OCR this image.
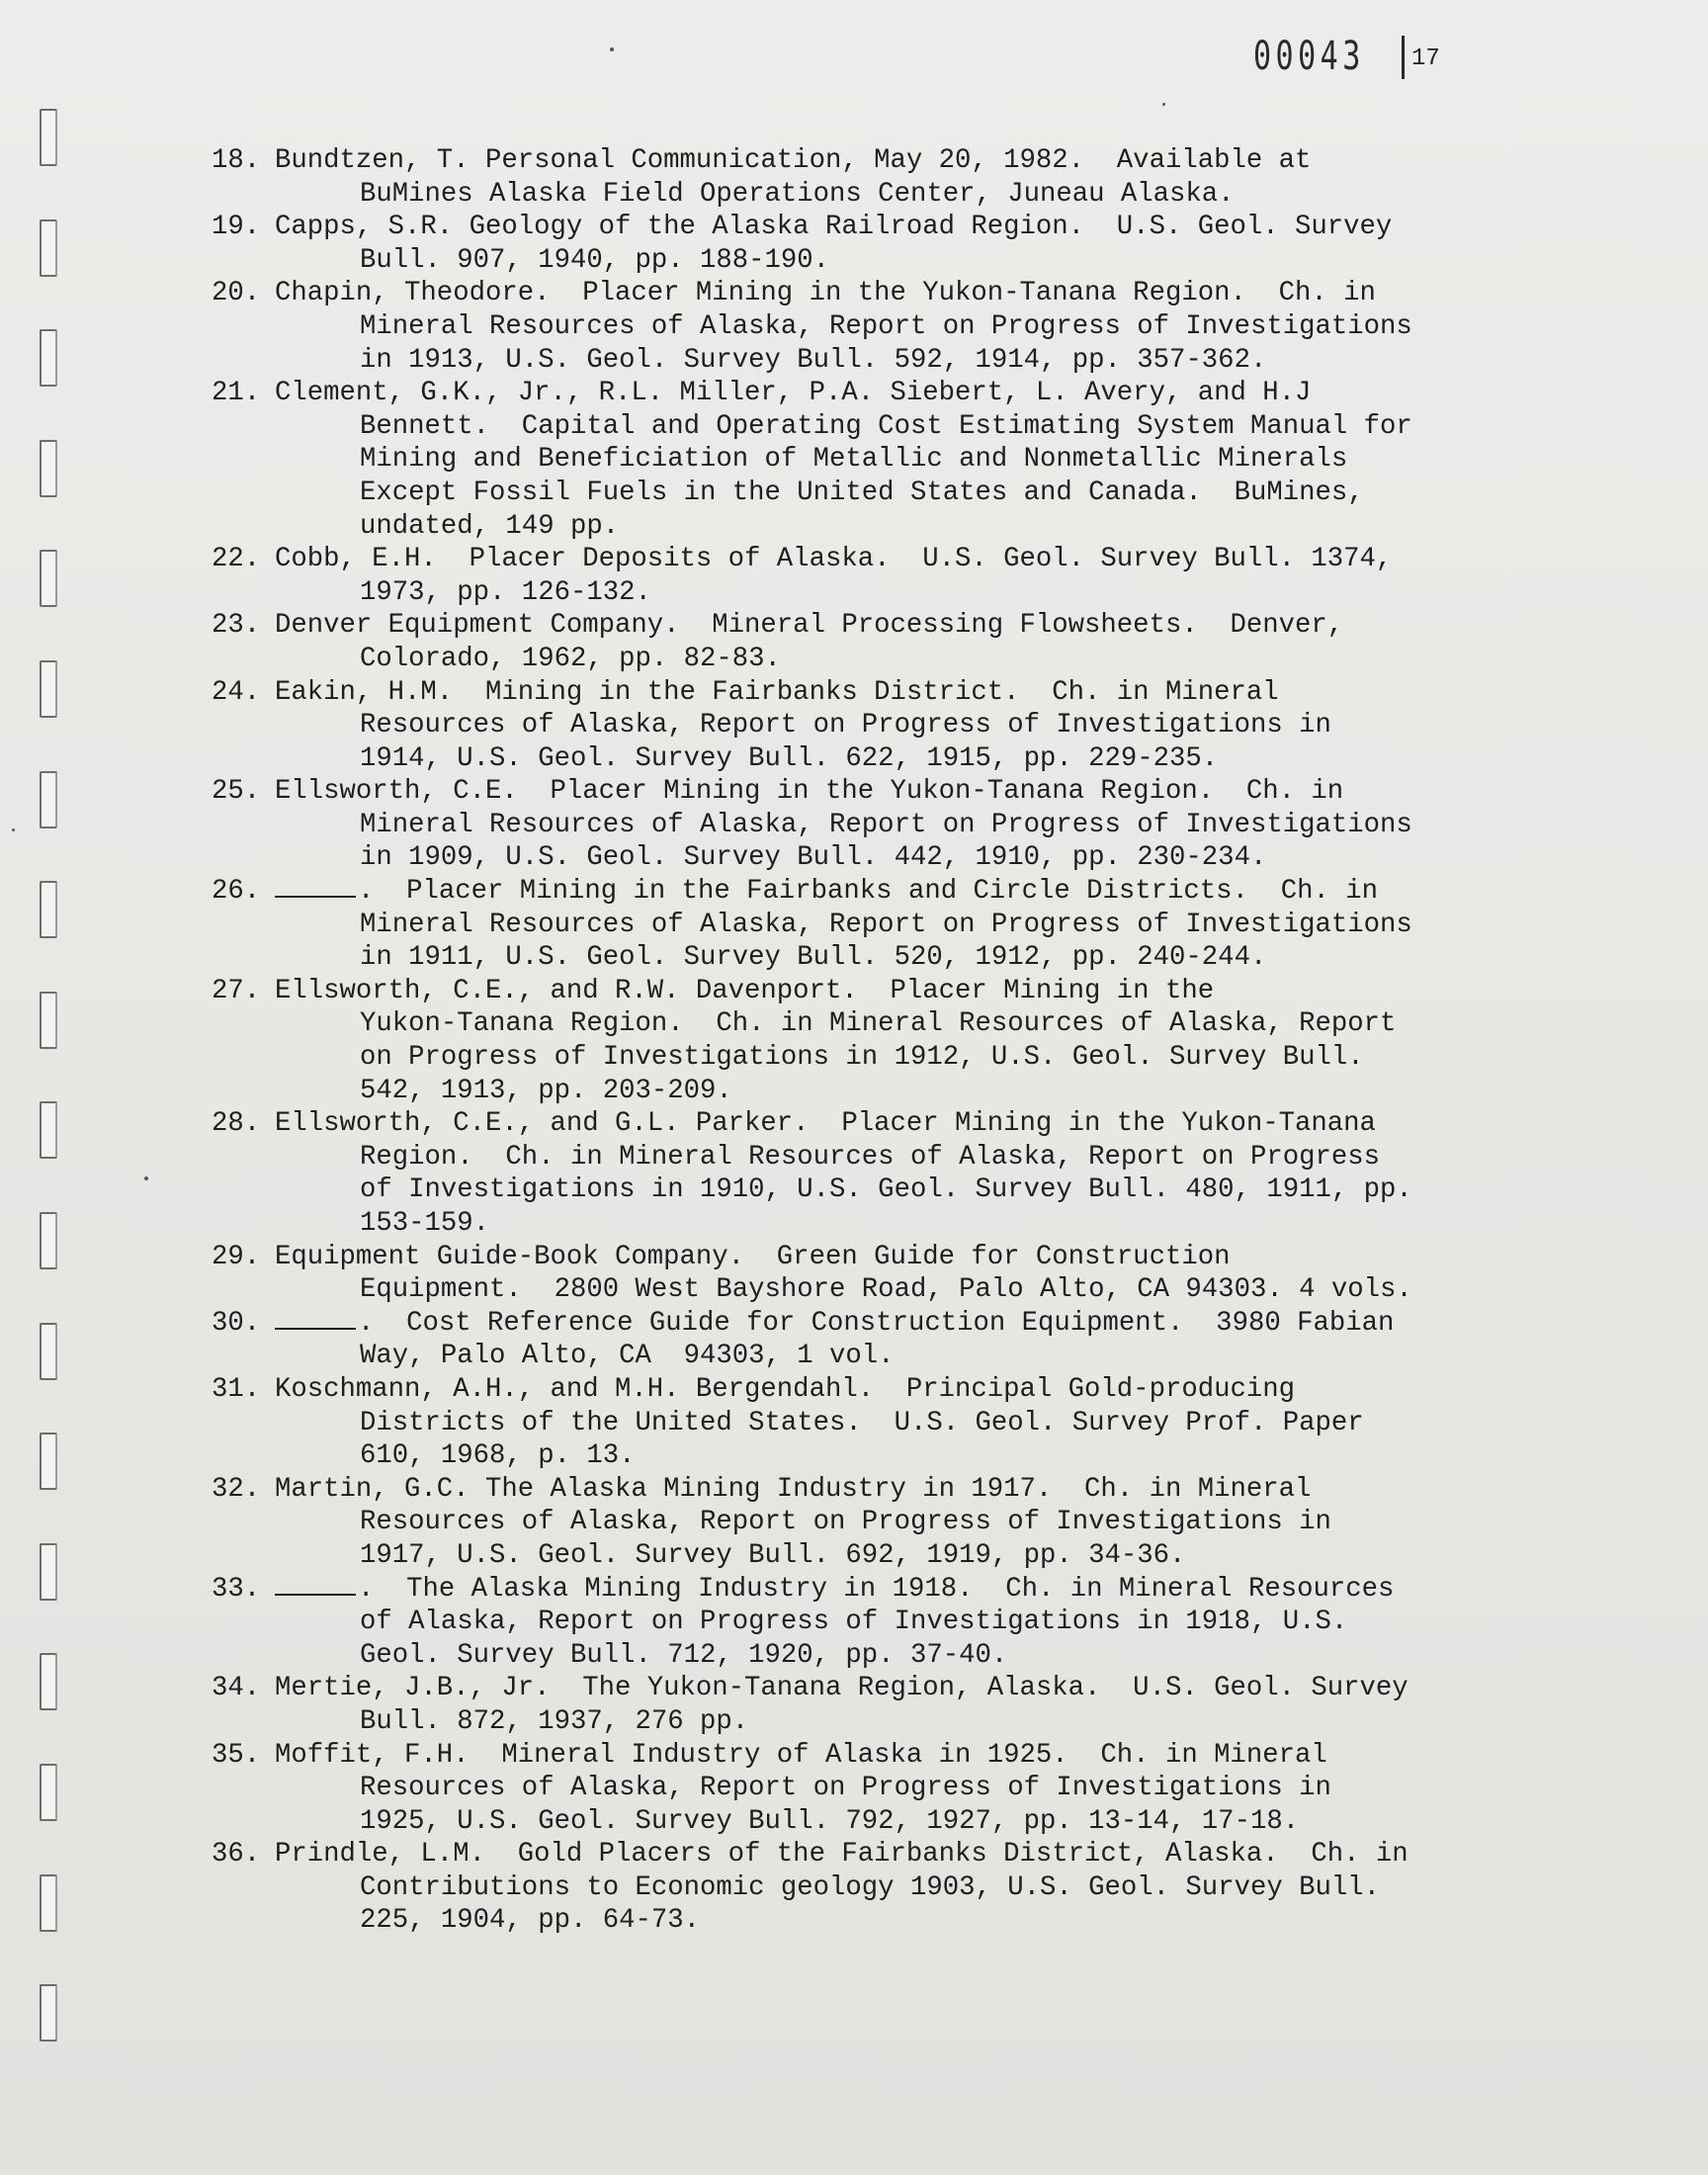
00043 17
18. Bundtzen, T. Personal Communication, May 20, 1982.  Available at
BuMines Alaska Field Operations Center, Juneau Alaska.
19. Capps, S.R. Geology of the Alaska Railroad Region.  U.S. Geol. Survey
Bull. 907, 1940, pp. 188-190.
20. Chapin, Theodore.  Placer Mining in the Yukon-Tanana Region.  Ch. in
Mineral Resources of Alaska, Report on Progress of Investigations
in 1913, U.S. Geol. Survey Bull. 592, 1914, pp. 357-362.
21. Clement, G.K., Jr., R.L. Miller, P.A. Siebert, L. Avery, and H.J
Bennett.  Capital and Operating Cost Estimating System Manual for
Mining and Beneficiation of Metallic and Nonmetallic Minerals
Except Fossil Fuels in the United States and Canada.  BuMines,
undated, 149 pp.
22. Cobb, E.H.  Placer Deposits of Alaska.  U.S. Geol. Survey Bull. 1374,
1973, pp. 126-132.
23. Denver Equipment Company.  Mineral Processing Flowsheets.  Denver,
Colorado, 1962, pp. 82-83.
24. Eakin, H.M.  Mining in the Fairbanks District.  Ch. in Mineral
Resources of Alaska, Report on Progress of Investigations in
1914, U.S. Geol. Survey Bull. 622, 1915, pp. 229-235.
25. Ellsworth, C.E.  Placer Mining in the Yukon-Tanana Region.  Ch. in
Mineral Resources of Alaska, Report on Progress of Investigations
in 1909, U.S. Geol. Survey Bull. 442, 1910, pp. 230-234.
26.	.  Placer Mining in the Fairbanks and Circle Districts.  Ch. in
Mineral Resources of Alaska, Report on Progress of Investigations
in 1911, U.S. Geol. Survey Bull. 520, 1912, pp. 240-244.
27. Ellsworth, C.E., and R.W. Davenport.  Placer Mining in the
Yukon-Tanana Region.  Ch. in Mineral Resources of Alaska, Report
on Progress of Investigations in 1912, U.S. Geol. Survey Bull.
542, 1913, pp. 203-209.
28. Ellsworth, C.E., and G.L. Parker.  Placer Mining in the Yukon-Tanana
Region.  Ch. in Mineral Resources of Alaska, Report on Progress
of Investigations in 1910, U.S. Geol. Survey Bull. 480, 1911, pp.
153-159.
29. Equipment Guide-Book Company.  Green Guide for Construction
Equipment.  2800 West Bayshore Road, Palo Alto, CA 94303. 4 vols.
30.	.  Cost Reference Guide for Construction Equipment.  3980 Fabian
Way, Palo Alto, CA  94303, 1 vol.
31. Koschmann, A.H., and M.H. Bergendahl.  Principal Gold-producing
Districts of the United States.  U.S. Geol. Survey Prof. Paper
610, 1968, p. 13.
32. Martin, G.C. The Alaska Mining Industry in 1917.  Ch. in Mineral
Resources of Alaska, Report on Progress of Investigations in
1917, U.S. Geol. Survey Bull. 692, 1919, pp. 34-36.
33.	.  The Alaska Mining Industry in 1918.  Ch. in Mineral Resources
of Alaska, Report on Progress of Investigations in 1918, U.S.
Geol. Survey Bull. 712, 1920, pp. 37-40.
34. Mertie, J.B., Jr.  The Yukon-Tanana Region, Alaska.  U.S. Geol. Survey
Bull. 872, 1937, 276 pp.
35. Moffit, F.H.  Mineral Industry of Alaska in 1925.  Ch. in Mineral
Resources of Alaska, Report on Progress of Investigations in
1925, U.S. Geol. Survey Bull. 792, 1927, pp. 13-14, 17-18.
36. Prindle, L.M.  Gold Placers of the Fairbanks District, Alaska.  Ch. in
Contributions to Economic geology 1903, U.S. Geol. Survey Bull.
225, 1904, pp. 64-73.
